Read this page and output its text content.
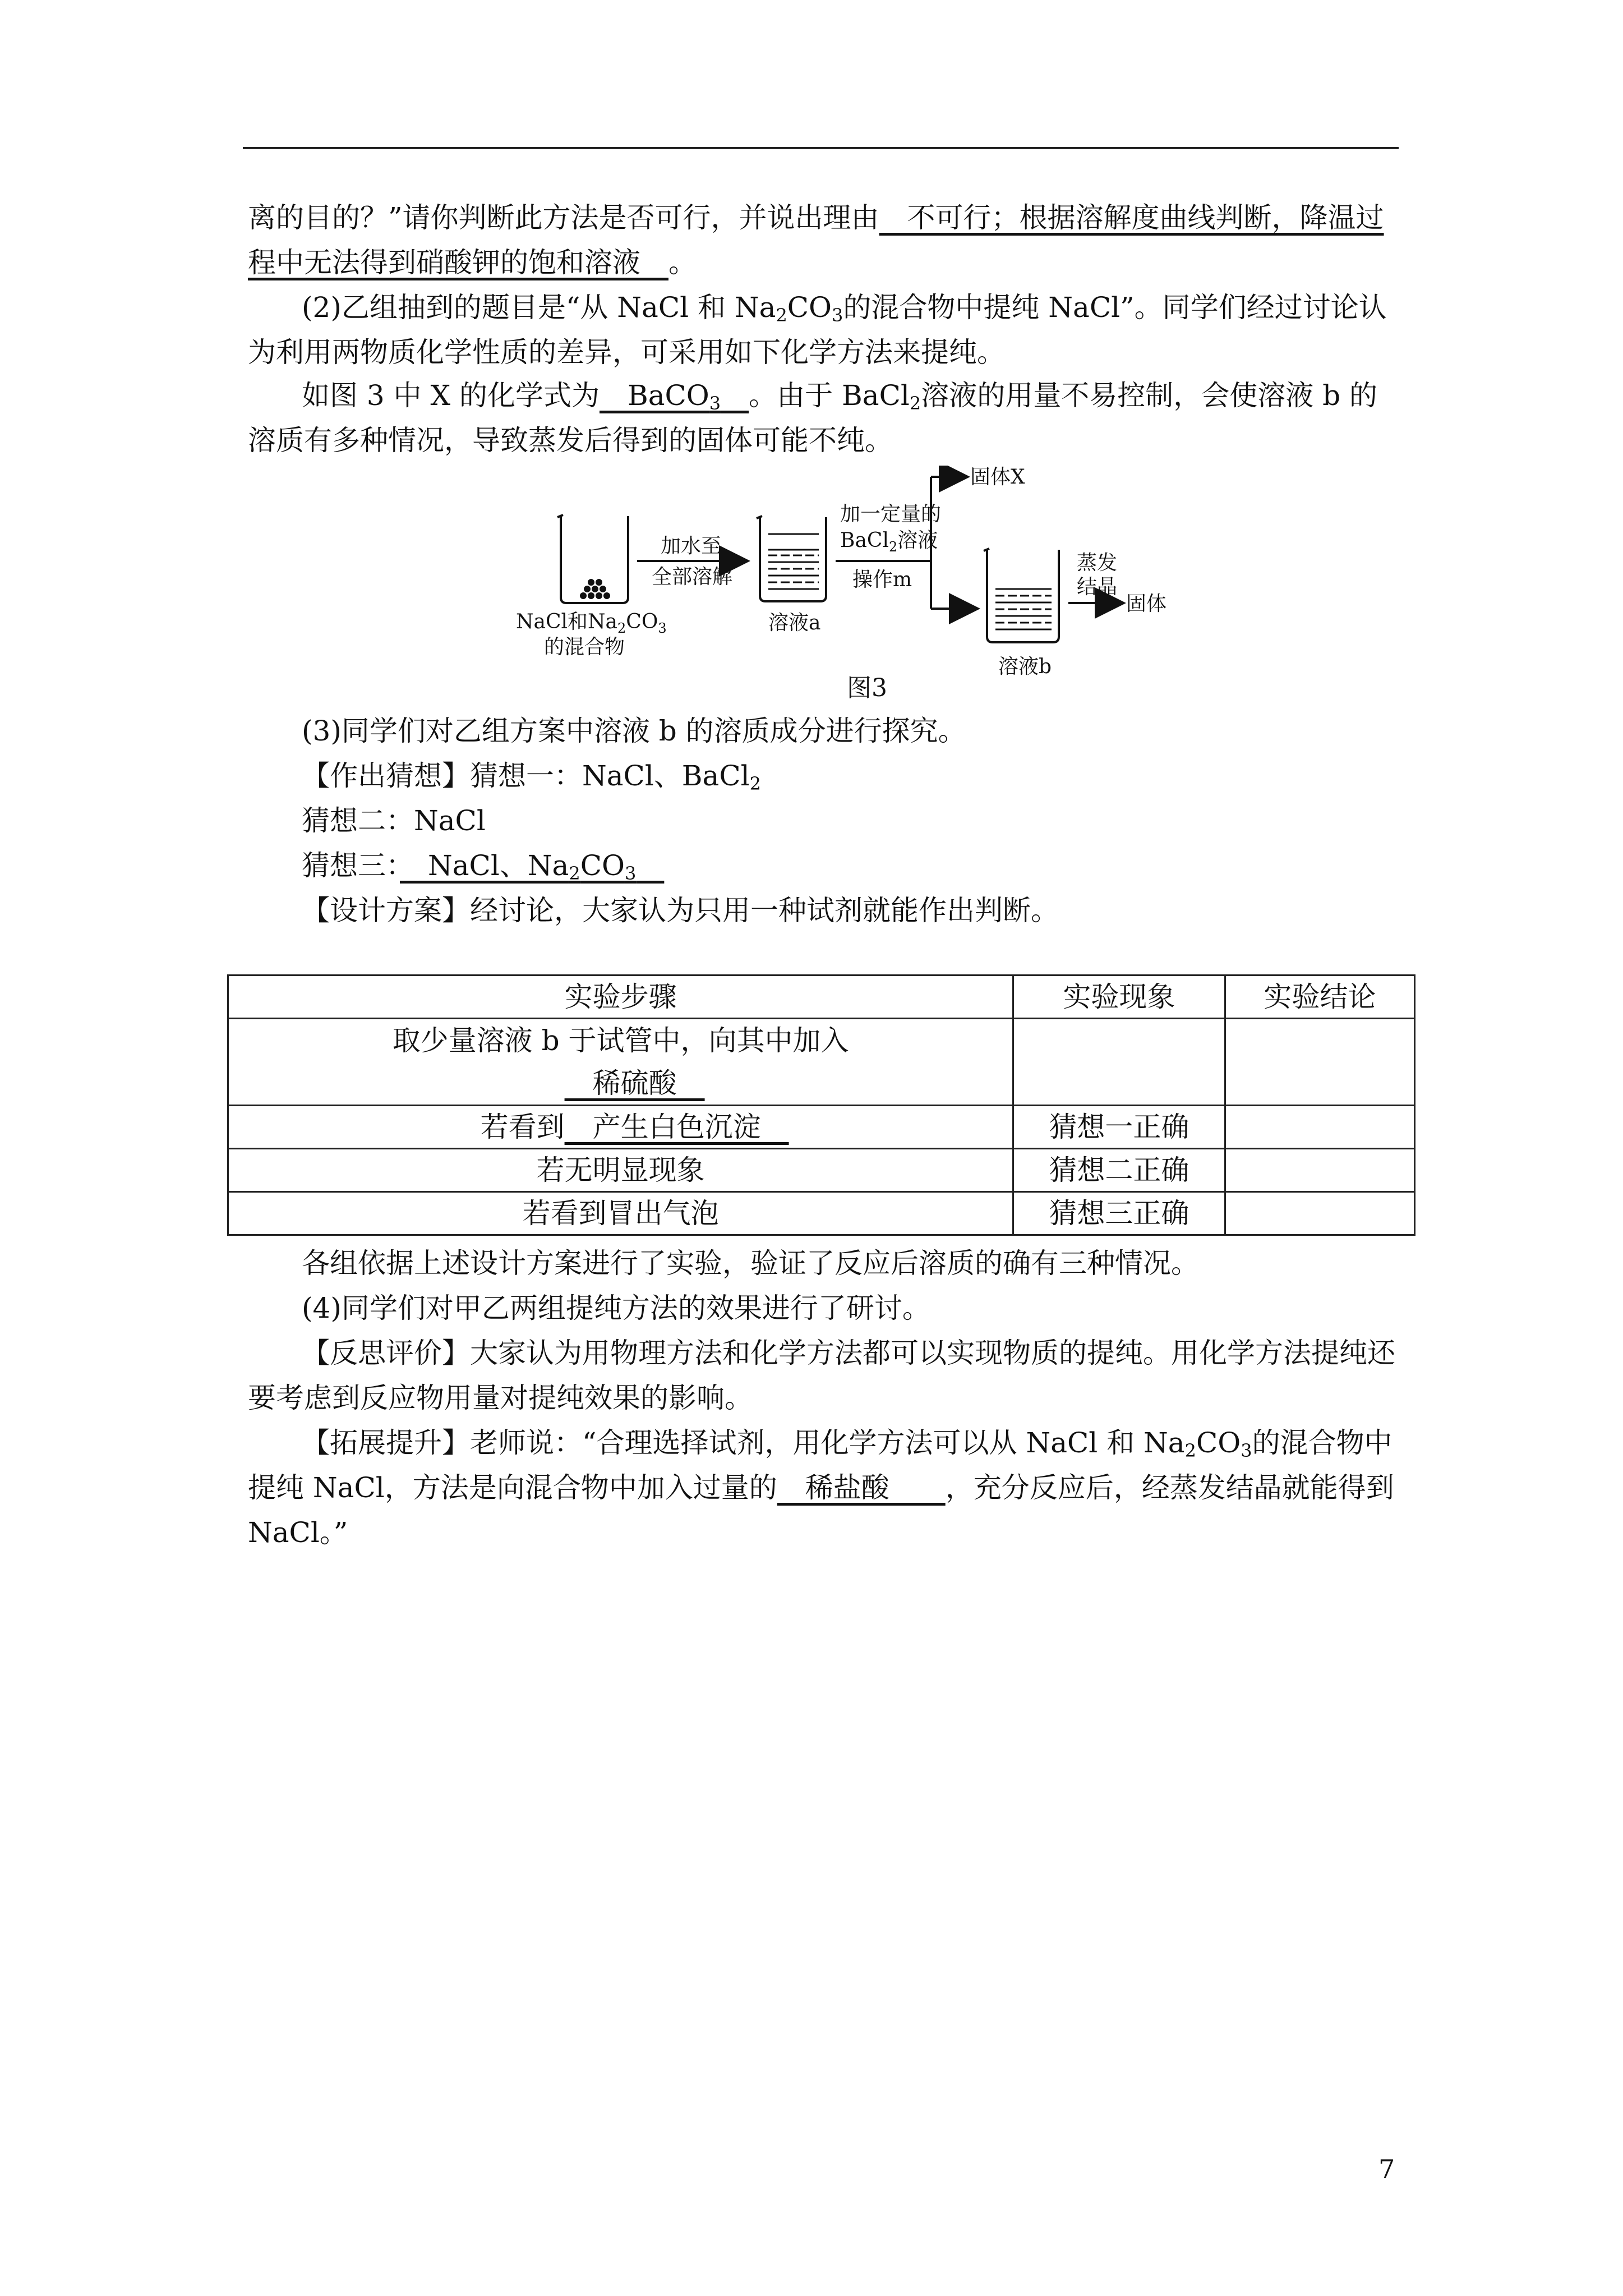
离的目的？”请你判断此方法是否可行，并说出理由　不可行；根据溶解度曲线判断，降温过程中无法得到硝酸钾的饱和溶液　。
(2)乙组抽到的题目是“从 NaCl 和 $Na_2CO_3$的混合物中提纯 NaCl”。同学们经过讨论认为利用两物质化学性质的差异，可采用如下化学方法来提纯。
如图 3 中 X 的化学式为　BaCO$_3$　 。由于 BaCl$_2$溶液的用量不易控制，会使溶液 b 的溶质有多种情况，导致蒸发后得到的固体可能不纯。
NaCl和$Na_2CO_3$
的混合物
加水至
全部溶解
溶液a
加一定量的
BaCl$_2$溶液
操作m
固体X
蒸发
结晶
固体
溶液b
图3
(3)同学们对乙组方案中溶液 b 的溶质成分进行探究。
【作出猜想】猜想一：NaCl、BaCl$_2$
猜想二：NaCl
猜想三：　NaCl、$Na_2CO_3$　
【设计方案】经讨论，大家认为只用一种试剂就能作出判断。
实验步骤	实验现象	实验结论
取少量溶液 b 于试管中，向其中加入
　稀硫酸　		
若看到　产生白色沉淀　	猜想一正确	
若无明显现象	猜想二正确	
若看到冒出气泡	猜想三正确	
各组依据上述设计方案进行了实验，验证了反应后溶质的确有三种情况。
(4)同学们对甲乙两组提纯方法的效果进行了研讨。
【反思评价】大家认为用物理方法和化学方法都可以实现物质的提纯。用化学方法提纯还要考虑到反应物用量对提纯效果的影响。
【拓展提升】老师说：“合理选择试剂，用化学方法可以从 NaCl 和 $Na_2CO_3$的混合物中提纯 NaCl，方法是向混合物中加入过量的　稀盐酸　　，充分反应后，经蒸发结晶就能得到 NaCl。”
7
